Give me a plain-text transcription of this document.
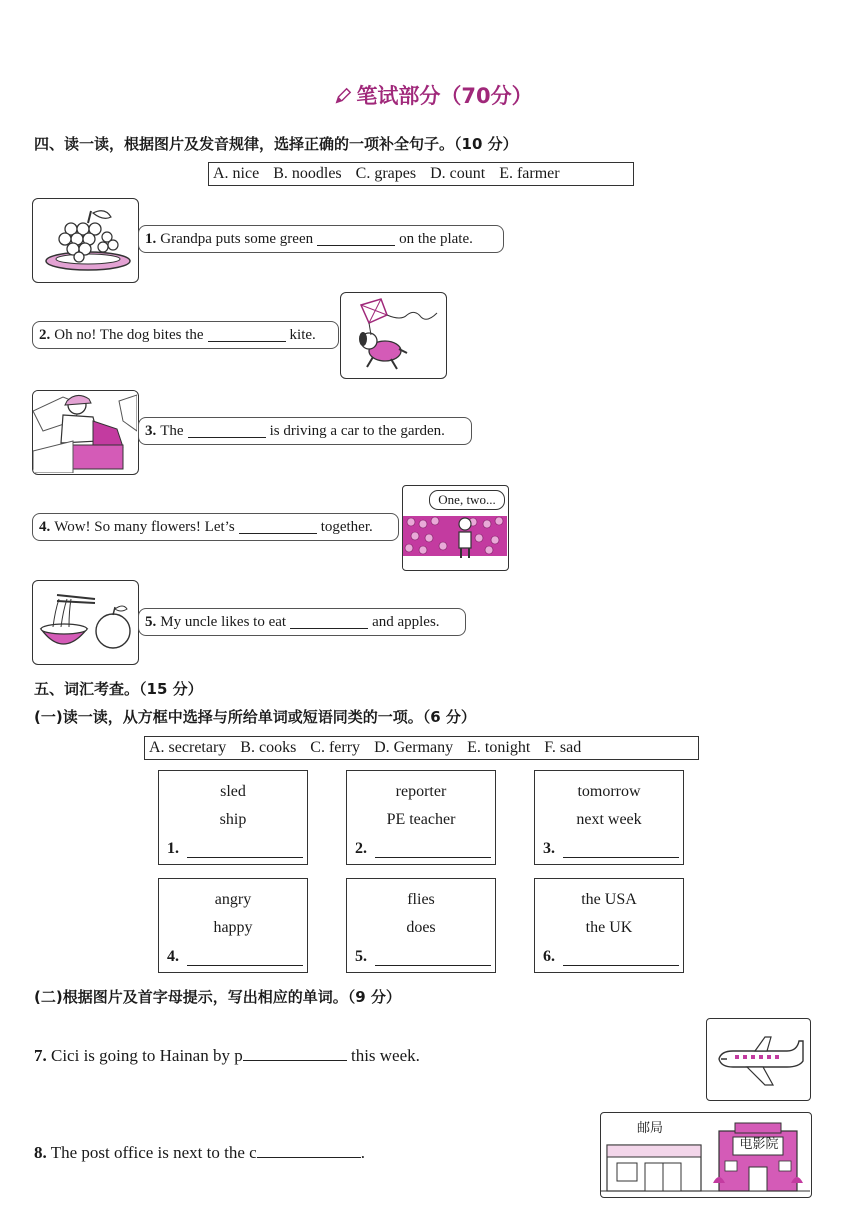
笔试部分（70分）
四、读一读，根据图片及发音规律，选择正确的一项补全句子。（10 分）
A. nice B. noodles C. grapes D. count E. farmer
1. Grandpa puts some green	on the plate.
2. Oh no! The dog bites the	kite.
3. The	is driving a car to the garden.
4. Wow! So many flowers! Let’s	together.
One, two...
5. My uncle likes to eat	and apples.
五、词汇考查。（15 分）
(一)读一读，从方框中选择与所给单词或短语同类的一项。（6 分）
A. secretary B. cooks C. ferry D. Germany E. tonight F. sad
sled
ship
1.
reporter
PE teacher
2.
tomorrow
next week
3.
angry
happy
4.
flies
does
5.
the USA
the UK
6.
(二)根据图片及首字母提示，写出相应的单词。（9 分）
7. Cici is going to Hainan by p	this week.
8. The post office is next to the c	.
邮局
电影院
